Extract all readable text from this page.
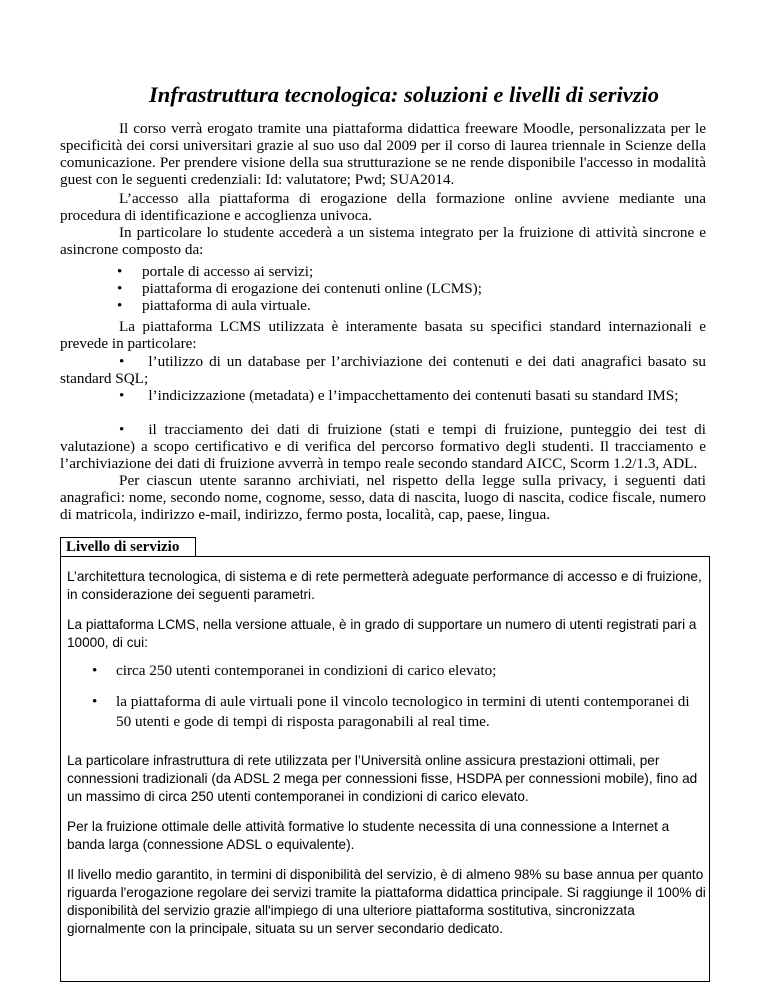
Infrastruttura tecnologica: soluzioni e livelli di serivzio

Il corso verrà erogato tramite una piattaforma didattica freeware Moodle, personalizzata per le specificità dei corsi universitari grazie al suo uso dal 2009 per il corso di laurea triennale in Scienze della comunicazione. Per prendere visione della sua strutturazione se ne rende disponibile l'accesso in modalità guest con le seguenti credenziali: Id: valutatore; Pwd; SUA2014.

L’accesso alla piattaforma di erogazione della formazione online avviene mediante una procedura di identificazione e accoglienza univoca.

In particolare lo studente accederà a un sistema integrato per la fruizione di attività sincrone e asincrone composto da:

• portale di accesso ai servizi;
• piattaforma di erogazione dei contenuti online (LCMS);
• piattaforma di aula virtuale.

La piattaforma LCMS utilizzata è interamente basata su specifici standard internazionali e prevede in particolare:

• l’utilizzo di un database per l’archiviazione dei contenuti e dei dati anagrafici basato su standard SQL;
• l’indicizzazione (metadata) e l’impacchettamento dei contenuti basati su standard IMS;
• il tracciamento dei dati di fruizione (stati e tempi di fruizione, punteggio dei test di valutazione) a scopo certificativo e di verifica del percorso formativo degli studenti. Il tracciamento e l’archiviazione dei dati di fruizione avverrà in tempo reale secondo standard AICC, Scorm 1.2/1.3, ADL.

Per ciascun utente saranno archiviati, nel rispetto della legge sulla privacy, i seguenti dati anagrafici: nome, secondo nome, cognome, sesso, data di nascita, luogo di nascita, codice fiscale, numero di matricola, indirizzo e-mail, indirizzo, fermo posta, località, cap, paese, lingua.

Livello di servizio

L’architettura tecnologica, di sistema e di rete permetterà adeguate performance di accesso e di fruizione, in considerazione dei seguenti parametri.

La piattaforma LCMS, nella versione attuale, è in grado di supportare un numero di utenti registrati pari a 10000, di cui:

• circa 250 utenti contemporanei in condizioni di carico elevato;
• la piattaforma di aule virtuali pone il vincolo tecnologico in termini di utenti contemporanei di 50 utenti e gode di tempi di risposta paragonabili al real time.

La particolare infrastruttura di rete utilizzata per l’Università online assicura prestazioni ottimali, per connessioni tradizionali (da ADSL 2 mega per connessioni fisse, HSDPA per connessioni mobile), fino ad un massimo di circa 250 utenti contemporanei in condizioni di carico elevato.

Per la fruizione ottimale delle attività formative lo studente necessita di una connessione a Internet a banda larga (connessione ADSL o equivalente).

Il livello medio garantito, in termini di disponibilità del servizio, è di almeno 98% su base annua per quanto riguarda l'erogazione regolare dei servizi tramite la piattaforma didattica principale. Si raggiunge il 100% di disponibilità del servizio grazie all'impiego di una ulteriore piattaforma sostitutiva, sincronizzata giornalmente con la principale, situata su un server secondario dedicato.
